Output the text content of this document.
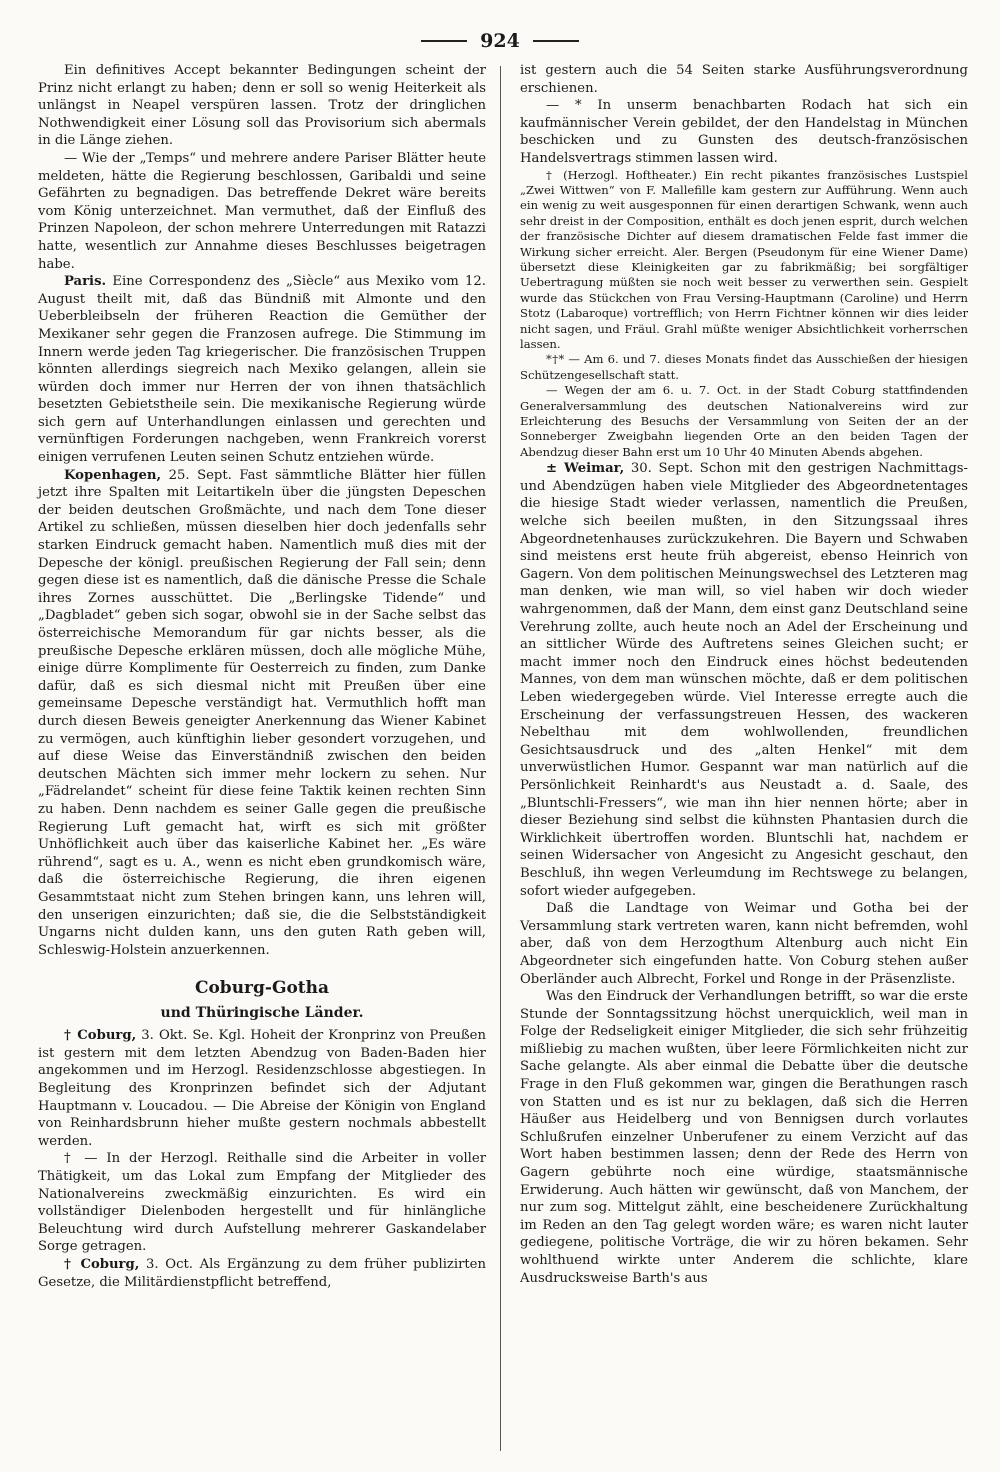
924

Ein definitives Accept bekannter Bedingungen scheint der Prinz nicht erlangt zu haben; denn er soll so wenig Heiterkeit als unlängst in Neapel verspüren lassen. Trotz der dringlichen Nothwendigkeit einer Lösung soll das Provisorium sich abermals in die Länge ziehen.

— Wie der „Temps“ und mehrere andere Pariser Blätter heute meldeten, hätte die Regierung beschlossen, Garibaldi und seine Gefährten zu begnadigen. Das betreffende Dekret wäre bereits vom König unterzeichnet. Man vermuthet, daß der Einfluß des Prinzen Napoleon, der schon mehrere Unterredungen mit Ratazzi hatte, wesentlich zur Annahme dieses Beschlusses beigetragen habe.

Paris. Eine Correspondenz des „Siècle“ aus Mexiko vom 12. August theilt mit, daß das Bündniß mit Almonte und den Ueberbleibseln der früheren Reaction die Gemüther der Mexikaner sehr gegen die Franzosen aufrege. Die Stimmung im Innern werde jeden Tag kriegerischer. Die französischen Truppen könnten allerdings siegreich nach Mexiko gelangen, allein sie würden doch immer nur Herren der von ihnen thatsächlich besetzten Gebietstheile sein. Die mexikanische Regierung würde sich gern auf Unterhandlungen einlassen und gerechten und vernünftigen Forderungen nachgeben, wenn Frankreich vorerst einigen verrufenen Leuten seinen Schutz entziehen würde.

Kopenhagen, 25. Sept. Fast sämmtliche Blätter hier füllen jetzt ihre Spalten mit Leitartikeln über die jüngsten Depeschen der beiden deutschen Großmächte, und nach dem Tone dieser Artikel zu schließen, müssen dieselben hier doch jedenfalls sehr starken Eindruck gemacht haben. Namentlich muß dies mit der Depesche der königl. preußischen Regierung der Fall sein; denn gegen diese ist es namentlich, daß die dänische Presse die Schale ihres Zornes ausschüttet. Die „Berlingske Tidende“ und „Dagbladet“ geben sich sogar, obwohl sie in der Sache selbst das österreichische Memorandum für gar nichts besser, als die preußische Depesche erklären müssen, doch alle mögliche Mühe, einige dürre Komplimente für Oesterreich zu finden, zum Danke dafür, daß es sich diesmal nicht mit Preußen über eine gemeinsame Depesche verständigt hat. Vermuthlich hofft man durch diesen Beweis geneigter Anerkennung das Wiener Kabinet zu vermögen, auch künftighin lieber gesondert vorzugehen, und auf diese Weise das Einverständniß zwischen den beiden deutschen Mächten sich immer mehr lockern zu sehen. Nur „Fädrelandet“ scheint für diese feine Taktik keinen rechten Sinn zu haben. Denn nachdem es seiner Galle gegen die preußische Regierung Luft gemacht hat, wirft es sich mit größter Unhöflichkeit auch über das kaiserliche Kabinet her. „Es wäre rührend“, sagt es u. A., wenn es nicht eben grundkomisch wäre, daß die österreichische Regierung, die ihren eigenen Gesammtstaat nicht zum Stehen bringen kann, uns lehren will, den unserigen einzurichten; daß sie, die die Selbstständigkeit Ungarns nicht dulden kann, uns den guten Rath geben will, Schleswig-Holstein anzuerkennen.

Coburg-Gotha
und Thüringische Länder.

† Coburg, 3. Okt. Se. Kgl. Hoheit der Kronprinz von Preußen ist gestern mit dem letzten Abendzug von Baden-Baden hier angekommen und im Herzogl. Residenzschlosse abgestiegen. In Begleitung des Kronprinzen befindet sich der Adjutant Hauptmann v. Loucadou. — Die Abreise der Königin von England von Reinhardsbrunn hieher mußte gestern nochmals abbestellt werden.

† — In der Herzogl. Reithalle sind die Arbeiter in voller Thätigkeit, um das Lokal zum Empfang der Mitglieder des Nationalvereins zweckmäßig einzurichten. Es wird ein vollständiger Dielenboden hergestellt und für hinlängliche Beleuchtung wird durch Aufstellung mehrerer Gaskandelaber Sorge getragen.

† Coburg, 3. Oct. Als Ergänzung zu dem früher publizirten Gesetze, die Militärdienstpflicht betreffend,

ist gestern auch die 54 Seiten starke Ausführungsverordnung erschienen.

— * In unserm benachbarten Rodach hat sich ein kaufmännischer Verein gebildet, der den Handelstag in München beschicken und zu Gunsten des deutsch-französischen Handelsvertrags stimmen lassen wird.

† (Herzogl. Hoftheater.) Ein recht pikantes französisches Lustspiel „Zwei Wittwen“ von F. Mallefille kam gestern zur Aufführung. Wenn auch ein wenig zu weit ausgesponnen für einen derartigen Schwank, wenn auch sehr dreist in der Composition, enthält es doch jenen esprit, durch welchen der französische Dichter auf diesem dramatischen Felde fast immer die Wirkung sicher erreicht. Aler. Bergen (Pseudonym für eine Wiener Dame) übersetzt diese Kleinigkeiten gar zu fabrikmäßig; bei sorgfältiger Uebertragung müßten sie noch weit besser zu verwerthen sein. Gespielt wurde das Stückchen von Frau Versing-Hauptmann (Caroline) und Herrn Stotz (Labaroque) vortrefflich; von Herrn Fichtner können wir dies leider nicht sagen, und Fräul. Grahl müßte weniger Absichtlichkeit vorherrschen lassen.

*†* — Am 6. und 7. dieses Monats findet das Ausschießen der hiesigen Schützengesellschaft statt.

— Wegen der am 6. u. 7. Oct. in der Stadt Coburg stattfindenden Generalversammlung des deutschen Nationalvereins wird zur Erleichterung des Besuchs der Versammlung von Seiten der an der Sonneberger Zweigbahn liegenden Orte an den beiden Tagen der Abendzug dieser Bahn erst um 10 Uhr 40 Minuten Abends abgehen.

± Weimar, 30. Sept. Schon mit den gestrigen Nachmittags- und Abendzügen haben viele Mitglieder des Abgeordnetentages die hiesige Stadt wieder verlassen, namentlich die Preußen, welche sich beeilen mußten, in den Sitzungssaal ihres Abgeordnetenhauses zurückzukehren. Die Bayern und Schwaben sind meistens erst heute früh abgereist, ebenso Heinrich von Gagern. Von dem politischen Meinungswechsel des Letzteren mag man denken, wie man will, so viel haben wir doch wieder wahrgenommen, daß der Mann, dem einst ganz Deutschland seine Verehrung zollte, auch heute noch an Adel der Erscheinung und an sittlicher Würde des Auftretens seines Gleichen sucht; er macht immer noch den Eindruck eines höchst bedeutenden Mannes, von dem man wünschen möchte, daß er dem politischen Leben wiedergegeben würde. Viel Interesse erregte auch die Erscheinung der verfassungstreuen Hessen, des wackeren Nebelthau mit dem wohlwollenden, freundlichen Gesichtsausdruck und des „alten Henkel“ mit dem unverwüstlichen Humor. Gespannt war man natürlich auf die Persönlichkeit Reinhardt's aus Neustadt a. d. Saale, des „Bluntschli-Fressers“, wie man ihn hier nennen hörte; aber in dieser Beziehung sind selbst die kühnsten Phantasien durch die Wirklichkeit übertroffen worden. Bluntschli hat, nachdem er seinen Widersacher von Angesicht zu Angesicht geschaut, den Beschluß, ihn wegen Verleumdung im Rechtswege zu belangen, sofort wieder aufgegeben.

Daß die Landtage von Weimar und Gotha bei der Versammlung stark vertreten waren, kann nicht befremden, wohl aber, daß von dem Herzogthum Altenburg auch nicht Ein Abgeordneter sich eingefunden hatte. Von Coburg stehen außer Oberländer auch Albrecht, Forkel und Ronge in der Präsenzliste.

Was den Eindruck der Verhandlungen betrifft, so war die erste Stunde der Sonntagssitzung höchst unerquicklich, weil man in Folge der Redseligkeit einiger Mitglieder, die sich sehr frühzeitig mißliebig zu machen wußten, über leere Förmlichkeiten nicht zur Sache gelangte. Als aber einmal die Debatte über die deutsche Frage in den Fluß gekommen war, gingen die Berathungen rasch von Statten und es ist nur zu beklagen, daß sich die Herren Häußer aus Heidelberg und von Bennigsen durch vorlautes Schlußrufen einzelner Unberufener zu einem Verzicht auf das Wort haben bestimmen lassen; denn der Rede des Herrn von Gagern gebührte noch eine würdige, staatsmännische Erwiderung. Auch hätten wir gewünscht, daß von Manchem, der nur zum sog. Mittelgut zählt, eine bescheidenere Zurückhaltung im Reden an den Tag gelegt worden wäre; es waren nicht lauter gediegene, politische Vorträge, die wir zu hören bekamen. Sehr wohlthuend wirkte unter Anderem die schlichte, klare Ausdrucksweise Barth's aus
